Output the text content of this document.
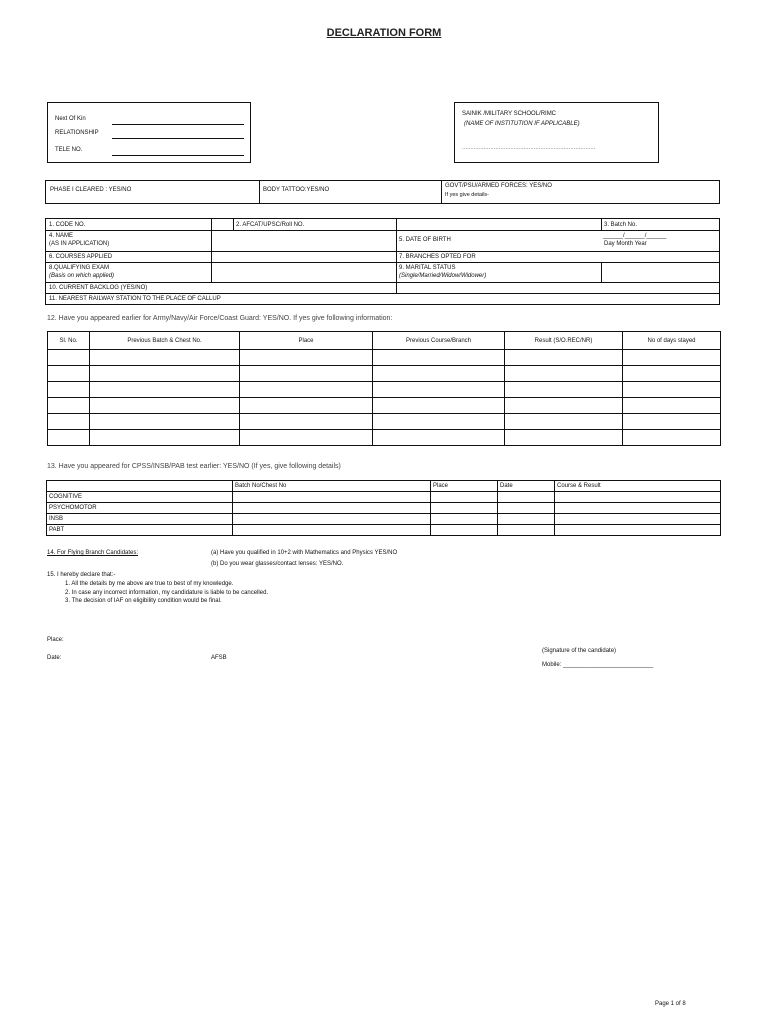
DECLARATION FORM
Next Of Kin
RELATIONSHIP
TELE NO.
SAINIK /MILITARY SCHOOL/RIMC
(NAME OF INSTITUTION IF APPLICABLE)
................................................................................
PHASE I CLEARED : YES/NO	BODY TATTOO:YES/NO
GOVT/PSU/ARMED FORCES: YES/NO
If yes give details-
1. CODE NO.	2. AFCAT/UPSC/Roll NO.	3. Batch No.
4. NAME
(AS IN APPLICATION)
5. DATE OF BIRTH
______/______/______
Day Month Year
6. COURSES APPLIED	7. BRANCHES OPTED FOR
8.QUALIFYING EXAM
(Basis on which applied)
9. MARITAL STATUS
(Single/Married/Widow/Widower)
10. CURRENT BACKLOG (YES/NO)
11. NEAREST RAILWAY STATION TO THE PLACE OF CALLUP
12. Have you appeared earlier for Army/Navy/Air Force/Coast Guard: YES/NO. If yes give following information:
Sl. No.	Previous Batch & Chest No.	Place	Previous Course/Branch	Result (S/O.REC/NR)	No of days stayed

13. Have you appeared for CPSS/INSB/PAB test earlier: YES/NO (If yes, give following details)
	Batch No/Chest No	Place	Date	Course & Result
COGNITIVE				
PSYCHOMOTOR				
INSB				
PABT				
14. For Flying Branch Candidates:	(a) Have you qualified in 10+2 with Mathematics and Physics YES/NO
(b) Do you wear glasses/contact lenses: YES/NO.
15. I hereby declare that:-
1. All the details by me above are true to best of my knowledge.
2. In case any incorrect information, my candidature is liable to be cancelled.
3. The decision of IAF on eligibility condition would be final.
Place:
Date:	AFSB
(Signature of the candidate)
Mobile: ___________________________
Page 1 of 8
